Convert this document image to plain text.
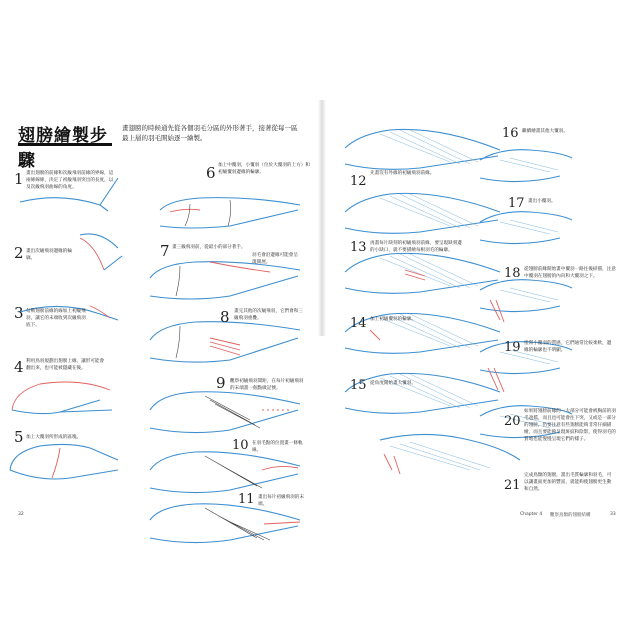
翅膀繪製步驟
畫翅膀的時候通先從各個羽毛分區的外形著手，接著從每一區最上層的羽毛開始逐一繪製。
1 畫出翅膀的前緣和次級飛羽前緣的界線，這兩條線條，決定了初級飛羽突出的長度，以及次級飛羽曲線的角度。
2 畫出次級飛羽邊緣的輪廓。
3 勾勒翅膀前緣的線加上初級飛羽，讓它的末端收到次級飛羽底下。
4 利用鳥羽規劃出翅膀上緣，讓形可能會翻出來，也可能被隱藏在後。
5 加上大覆羽所形成的區塊。
6 加上中覆羽，小覆羽（位於大覆羽的上方）和初級覆羽邊緣的輪廓。
7 畫三級飛羽前，從最小的部分著手。
羽毛會沿邊緣可能會呈現開展。
8 畫完其他的次級飛羽，它們會和三級飛羽重疊。
9 觀察初級飛羽間距，在每片初級飛羽的末端畫一個點做記號。
10 在羽毛點的位置畫一條軌線。
11 畫出每片初級飛羽的末端。
32
12
先畫沒有外緣的初級飛羽前緣。
13 再畫每片缺刻的初級飛羽前緣，要呈現缺刻邊的小缺口，就不要描繪每根羽毛的輪廓。
14 加上初級覆羽的輪廓。
15 從角度開始畫大覆羽。
16 繼續繪畫其他大覆羽。
17 畫出小覆羽。
18 從翅膀前緣開始畫中覆羽一路往後掃描，注意中覆羽在翅膀的內向和大覆羽之下。
19 塗寫小覆羽的質感，它們通常比較柔軟，邊緣的輪廓也不明顯。
20
如果將翅膀前緣的一大部分可能會被胸前的羽毛遮擋，而且也可能會往下突，又或是一部分的翅膀，仍要注意有些翅膀能夠非常仔細描繪，而且要能夠呈現斑紋和陰影，使得羽毛的質地也能慢慢呈現它們的樣子。
21
完成鳥類的翅膀，畫出毛質輪廓和羽毛，可以讓畫面更加的豐富，就能夠使翅膀更生動和自然。
Chapter 4 觀察鳥類的翅膀結構	33
